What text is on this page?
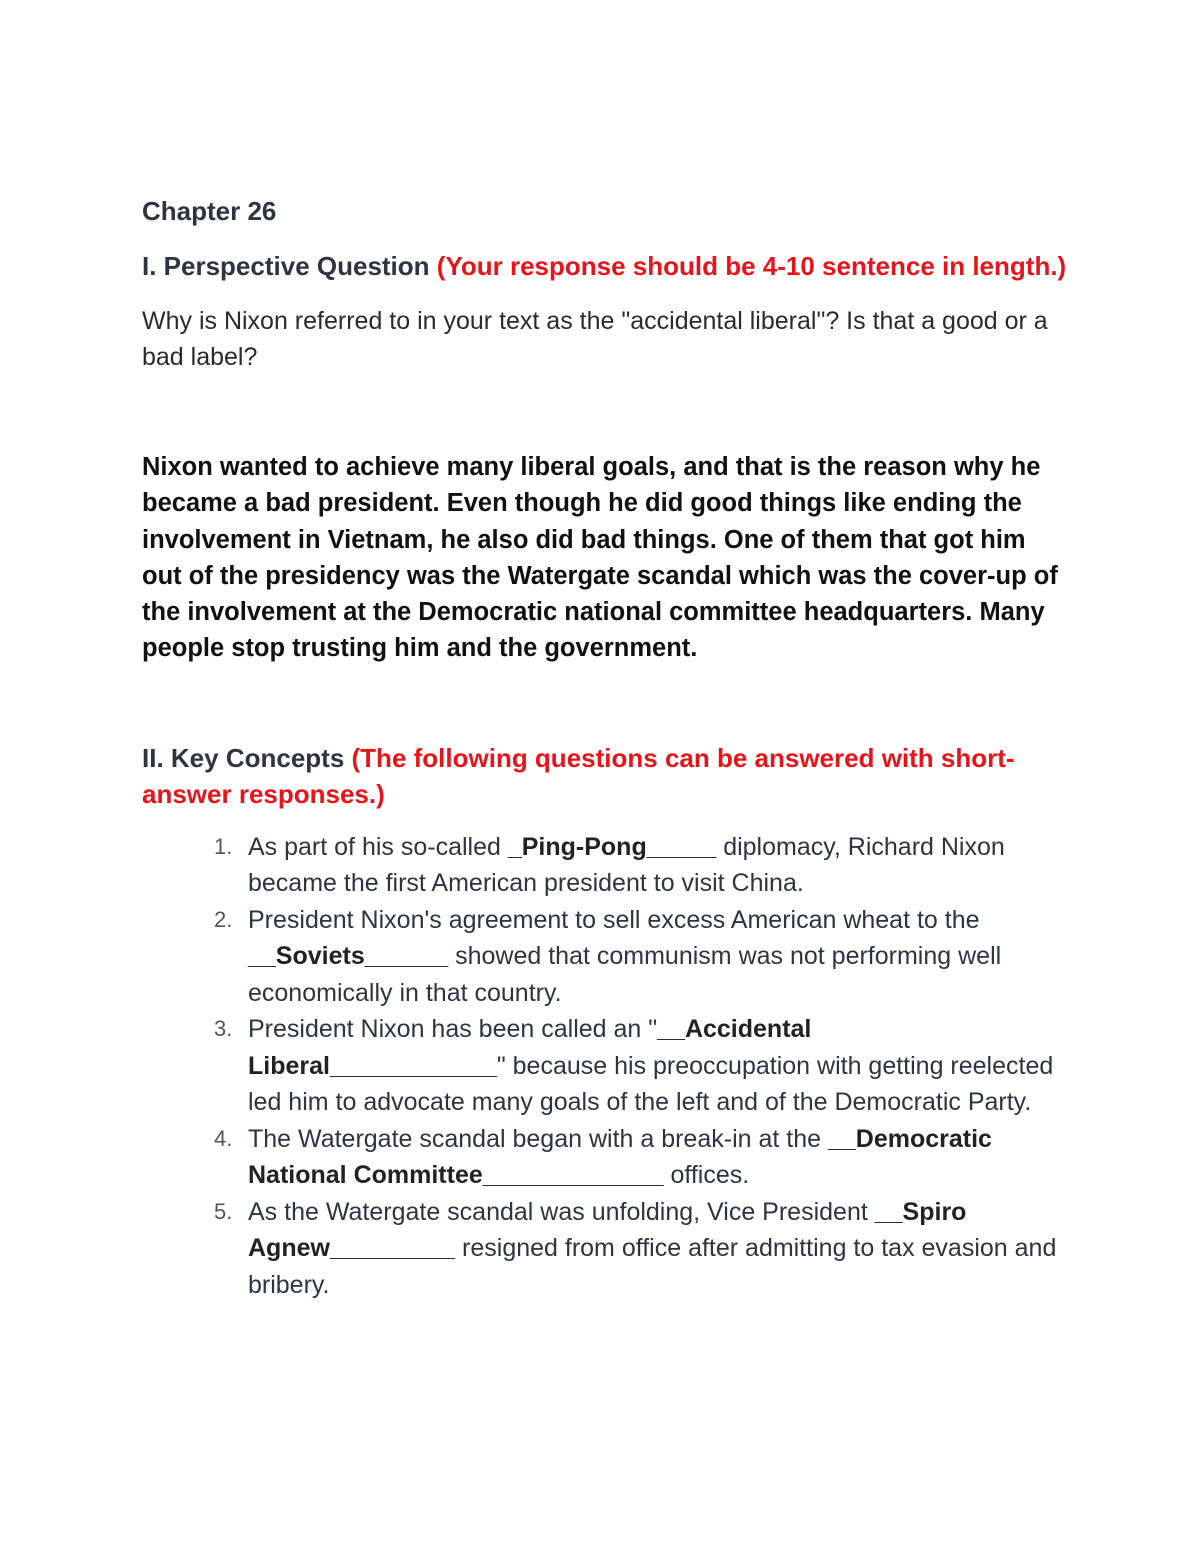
Chapter 26

I. Perspective Question (Your response should be 4-10 sentence in length.)

Why is Nixon referred to in your text as the "accidental liberal"? Is that a good or a bad label?

Nixon wanted to achieve many liberal goals, and that is the reason why he became a bad president. Even though he did good things like ending the involvement in Vietnam, he also did bad things. One of them that got him out of the presidency was the Watergate scandal which was the cover-up of the involvement at the Democratic national committee headquarters. Many people stop trusting him and the government.

II. Key Concepts (The following questions can be answered with short-answer responses.)

1. As part of his so-called _Ping-Pong_____ diplomacy, Richard Nixon became the first American president to visit China.
2. President Nixon's agreement to sell excess American wheat to the __Soviets______ showed that communism was not performing well economically in that country.
3. President Nixon has been called an "__Accidental Liberal____________" because his preoccupation with getting reelected led him to advocate many goals of the left and of the Democratic Party.
4. The Watergate scandal began with a break-in at the __Democratic National Committee_____________ offices.
5. As the Watergate scandal was unfolding, Vice President __Spiro Agnew_________ resigned from office after admitting to tax evasion and bribery.
